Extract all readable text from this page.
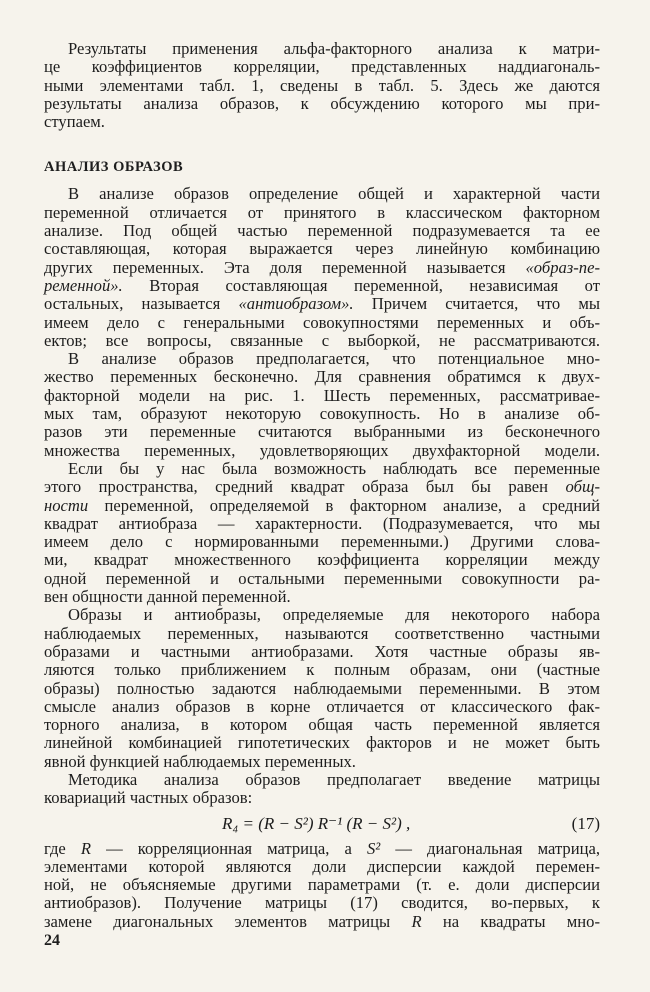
Результаты применения альфа-факторного анализа к матри-
це коэффициентов корреляции, представленных наддиагональ-
ными элементами табл. 1, сведены в табл. 5. Здесь же даются
результаты анализа образов, к обсуждению которого мы при-
ступаем.
АНАЛИЗ ОБРАЗОВ
В анализе образов определение общей и характерной части
переменной отличается от принятого в классическом факторном
анализе. Под общей частью переменной подразумевается та ее
составляющая, которая выражается через линейную комбинацию
других переменных. Эта доля переменной называется «образ-пе-
ременной». Вторая составляющая переменной, независимая от
остальных, называется «антиобразом». Причем считается, что мы
имеем дело с генеральными совокупностями переменных и объ-
ектов; все вопросы, связанные с выборкой, не рассматриваются.
В анализе образов предполагается, что потенциальное мно-
жество переменных бесконечно. Для сравнения обратимся к двух-
факторной модели на рис. 1. Шесть переменных, рассматривае-
мых там, образуют некоторую совокупность. Но в анализе об-
разов эти переменные считаются выбранными из бесконечного
множества переменных, удовлетворяющих двухфакторной модели.
Если бы у нас была возможность наблюдать все переменные
этого пространства, средний квадрат образа был бы равен общ-
ности переменной, определяемой в факторном анализе, а средний
квадрат антиобраза — характерности. (Подразумевается, что мы
имеем дело с нормированными переменными.) Другими слова-
ми, квадрат множественного коэффициента корреляции между
одной переменной и остальными переменными совокупности ра-
вен общности данной переменной.
Образы и антиобразы, определяемые для некоторого набора
наблюдаемых переменных, называются соответственно частными
образами и частными антиобразами. Хотя частные образы яв-
ляются только приближением к полным образам, они (частные
образы) полностью задаются наблюдаемыми переменными. В этом
смысле анализ образов в корне отличается от классического фак-
торного анализа, в котором общая часть переменной является
линейной комбинацией гипотетических факторов и не может быть
явной функцией наблюдаемых переменных.
Методика анализа образов предполагает введение матрицы
ковариаций частных образов:
R₄ = (R − S²) R⁻¹ (R − S²) ,	(17)
где R — корреляционная матрица, а S² — диагональная матрица,
элементами которой являются доли дисперсии каждой перемен-
ной, не объясняемые другими параметрами (т. е. доли дисперсии
антиобразов). Получение матрицы (17) сводится, во-первых, к
замене диагональных элементов матрицы R на квадраты мно-
24
